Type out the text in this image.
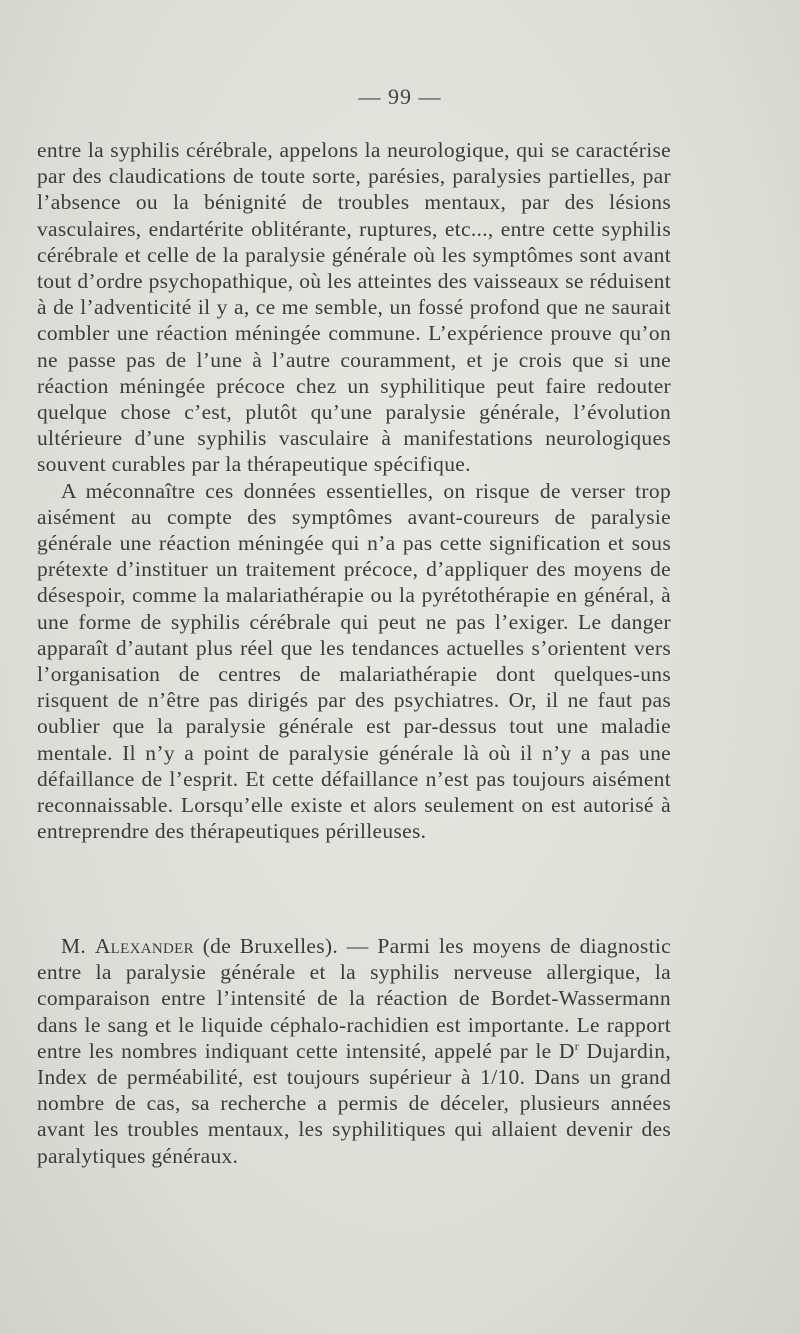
— 99 —

entre la syphilis cérébrale, appelons la neurologique, qui se caractérise par des claudications de toute sorte, parésies, paralysies partielles, par l’absence ou la bénignité de troubles mentaux, par des lésions vasculaires, endartérite oblitérante, ruptures, etc..., entre cette syphilis cérébrale et celle de la paralysie générale où les symptômes sont avant tout d’ordre psychopathique, où les atteintes des vaisseaux se réduisent à de l’adventicité il y a, ce me semble, un fossé profond que ne saurait combler une réaction méningée commune. L’expérience prouve qu’on ne passe pas de l’une à l’autre couramment, et je crois que si une réaction méningée précoce chez un syphilitique peut faire redouter quelque chose c’est, plutôt qu’une paralysie générale, l’évolution ultérieure d’une syphilis vasculaire à manifestations neurologiques souvent curables par la thérapeutique spécifique.

A méconnaître ces données essentielles, on risque de verser trop aisément au compte des symptômes avant-coureurs de paralysie générale une réaction méningée qui n’a pas cette signification et sous prétexte d’instituer un traitement précoce, d’appliquer des moyens de désespoir, comme la malariathérapie ou la pyrétothérapie en général, à une forme de syphilis cérébrale qui peut ne pas l’exiger. Le danger apparaît d’autant plus réel que les tendances actuelles s’orientent vers l’organisation de centres de malariathérapie dont quelques-uns risquent de n’être pas dirigés par des psychiatres. Or, il ne faut pas oublier que la paralysie générale est par-dessus tout une maladie mentale. Il n’y a point de paralysie générale là où il n’y a pas une défaillance de l’esprit. Et cette défaillance n’est pas toujours aisément reconnaissable. Lorsqu’elle existe et alors seulement on est autorisé à entreprendre des thérapeutiques périlleuses.

M. Alexander (de Bruxelles). — Parmi les moyens de diagnostic entre la paralysie générale et la syphilis nerveuse allergique, la comparaison entre l’intensité de la réaction de Bordet-Wassermann dans le sang et le liquide céphalo-rachidien est importante. Le rapport entre les nombres indiquant cette intensité, appelé par le $D^r$ Dujardin, Index de perméabilité, est toujours supérieur à 1/10. Dans un grand nombre de cas, sa recherche a permis de déceler, plusieurs années avant les troubles mentaux, les syphilitiques qui allaient devenir des paralytiques généraux.
